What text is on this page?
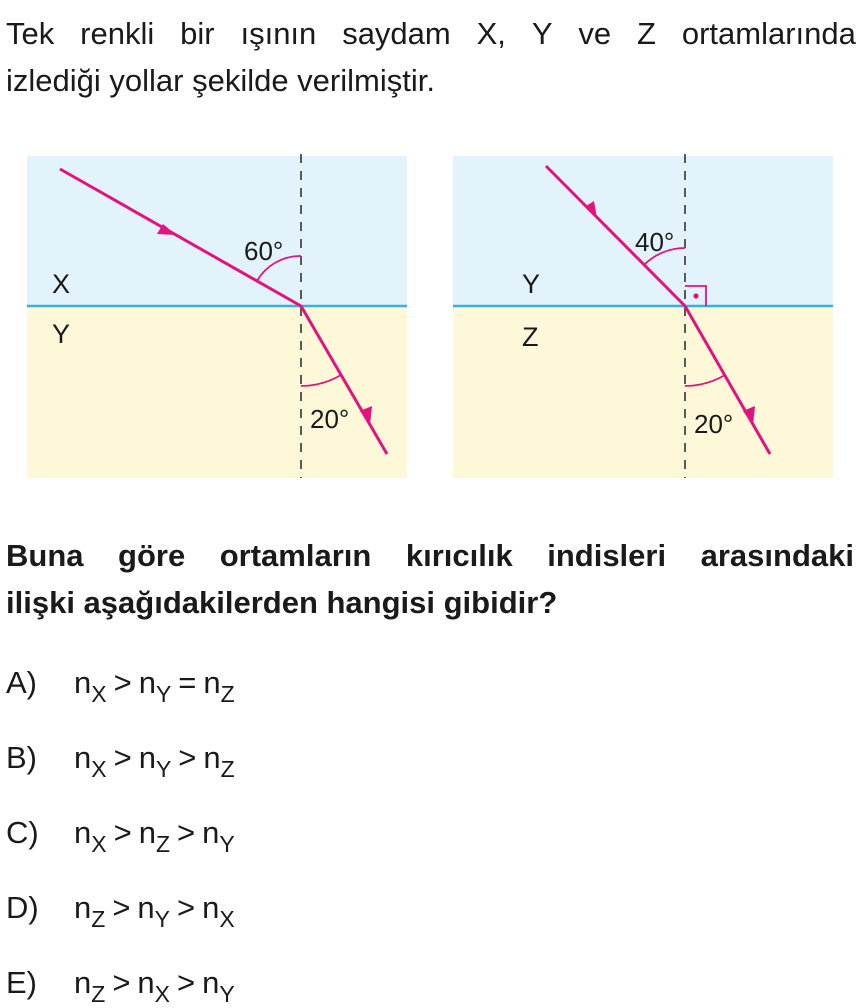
Tek renkli bir ışının saydam X, Y ve Z ortamlarında
izlediği yollar şekilde verilmiştir.
X
Y
60°
20°
Y
Z
40°
20°
Buna göre ortamların kırıcılık indisleri arasındaki
ilişki aşağıdakilerden hangisi gibidir?
A)	$n_X > n_Y = n_Z$
B)	$n_X > n_Y > n_Z$
C)	$n_X > n_Z > n_Y$
D)	$n_Z > n_Y > n_X$
E)	$n_Z > n_X > n_Y$
